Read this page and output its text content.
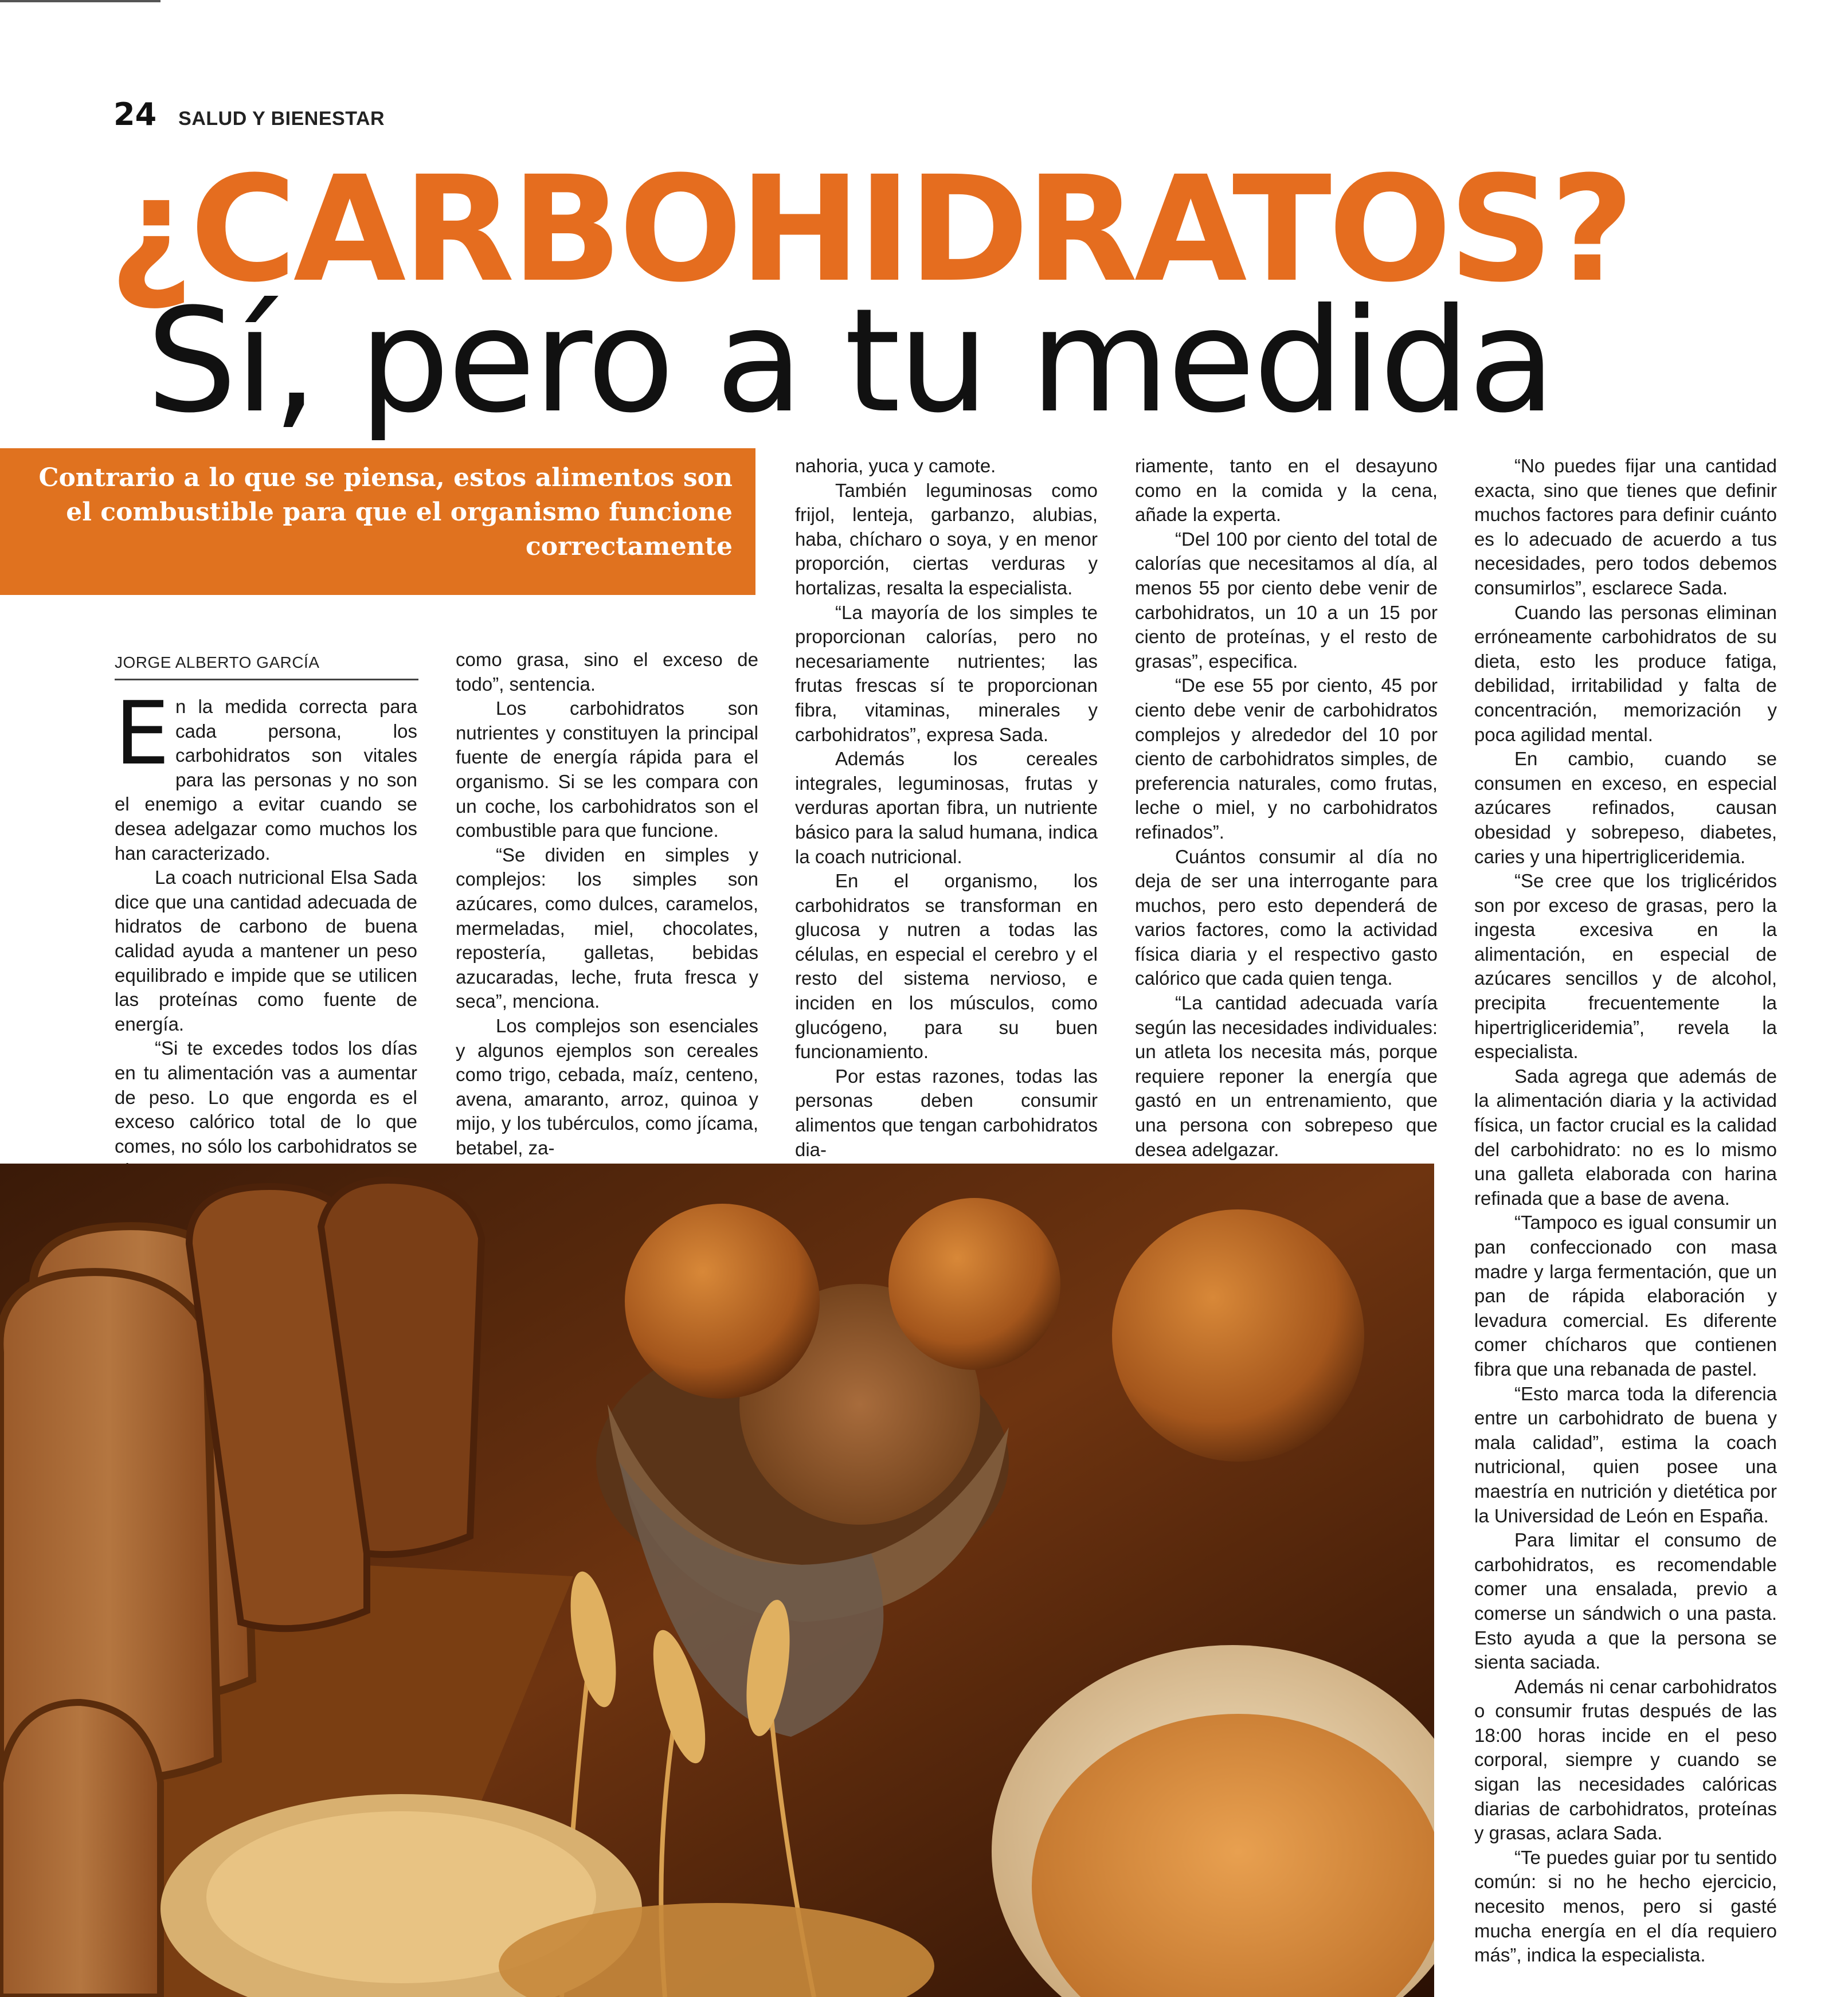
24 SALUD Y BIENESTAR
¿CARBOHIDRATOS?
Sí, pero a tu medida
Contrario a lo que se piensa, estos alimentos son el combustible para que el organismo funcione correctamente
JORGE ALBERTO GARCÍA

En la medida correcta para cada persona, los carbohidratos son vitales para las personas y no son el enemigo a evitar cuando se desea adelgazar como muchos los han caracterizado.

La coach nutricional Elsa Sada dice que una cantidad adecuada de hidratos de carbono de buena calidad ayuda a mantener un peso equilibrado e impide que se utilicen las proteínas como fuente de energía.

“Si te excedes todos los días en tu alimentación vas a aumentar de peso. Lo que engorda es el exceso calórico total de lo que comes, no sólo los carbohidratos se

como grasa, sino el exceso de todo”, sentencia.

Los carbohidratos son nutrientes y constituyen la principal fuente de energía rápida para el organismo. Si se les compara con un coche, los carbohidratos son el combustible para que funcione.

“Se dividen en simples y complejos: los simples son azúcares, como dulces, caramelos, mermeladas, miel, chocolates, repostería, galletas, bebidas azucaradas, leche, fruta fresca y seca”, menciona.

Los complejos son esenciales y algunos ejemplos son cereales como trigo, cebada, maíz, centeno, avena, amaranto, arroz, quinoa y mijo, y los tubérculos, como jícama, betabel, za-

nahoria, yuca y camote.

También leguminosas como frijol, lenteja, garbanzo, alubias, haba, chícharo o soya, y en menor proporción, ciertas verduras y hortalizas, resalta la especialista.

“La mayoría de los simples te proporcionan calorías, pero no necesariamente nutrientes; las frutas frescas sí te proporcionan fibra, vitaminas, minerales y carbohidratos”, expresa Sada.

Además los cereales integrales, leguminosas, frutas y verduras aportan fibra, un nutriente básico para la salud humana, indica la coach nutricional.

En el organismo, los carbohidratos se transforman en glucosa y nutren a todas las células, en especial el cerebro y el resto del sistema nervioso, e inciden en los músculos, como glucógeno, para su buen funcionamiento.

Por estas razones, todas las personas deben consumir alimentos que tengan carbohidratos dia-

riamente, tanto en el desayuno como en la comida y la cena, añade la experta.

“Del 100 por ciento del total de calorías que necesitamos al día, al menos 55 por ciento debe venir de carbohidratos, un 10 a un 15 por ciento de proteínas, y el resto de grasas”, especifica.

“De ese 55 por ciento, 45 por ciento debe venir de carbohidratos complejos y alrededor del 10 por ciento de carbohidratos simples, de preferencia naturales, como frutas, leche o miel, y no carbohidratos refinados”.

Cuántos consumir al día no deja de ser una interrogante para muchos, pero esto dependerá de varios factores, como la actividad física diaria y el respectivo gasto calórico que cada quien tenga.

“La cantidad adecuada varía según las necesidades individuales: un atleta los necesita más, porque requiere reponer la energía que gastó en un entrenamiento, que una persona con sobrepeso que desea adelgazar.

“No puedes fijar una cantidad exacta, sino que tienes que definir muchos factores para definir cuánto es lo adecuado de acuerdo a tus necesidades, pero todos debemos consumirlos”, esclarece Sada.

Cuando las personas eliminan erróneamente carbohidratos de su dieta, esto les produce fatiga, debilidad, irritabilidad y falta de concentración, memorización y poca agilidad mental.

En cambio, cuando se consumen en exceso, en especial azúcares refinados, causan obesidad y sobrepeso, diabetes, caries y una hipertrigliceridemia.

“Se cree que los triglicéridos son por exceso de grasas, pero la ingesta excesiva en la alimentación, en especial de azúcares sencillos y de alcohol, precipita frecuentemente la hipertrigliceridemia”, revela la especialista.

Sada agrega que además de la alimentación diaria y la actividad física, un factor crucial es la calidad del carbohidrato: no es lo mismo una galleta elaborada con harina refinada que a base de avena.

“Tampoco es igual consumir un pan confeccionado con masa madre y larga fermentación, que un pan de rápida elaboración y levadura comercial. Es diferente comer chícharos que contienen fibra que una rebanada de pastel.

“Esto marca toda la diferencia entre un carbohidrato de buena y mala calidad”, estima la coach nutricional, quien posee una maestría en nutrición y dietética por la Universidad de León en España.

Para limitar el consumo de carbohidratos, es recomendable comer una ensalada, previo a comerse un sándwich o una pasta. Esto ayuda a que la persona se sienta saciada.

Además ni cenar carbohidratos o consumir frutas después de las 18:00 horas incide en el peso corporal, siempre y cuando se sigan las necesidades calóricas diarias de carbohidratos, proteínas y grasas, aclara Sada.

“Te puedes guiar por tu sentido común: si no he hecho ejercicio, necesito menos, pero si gasté mucha energía en el día requiero más”, indica la especialista.
